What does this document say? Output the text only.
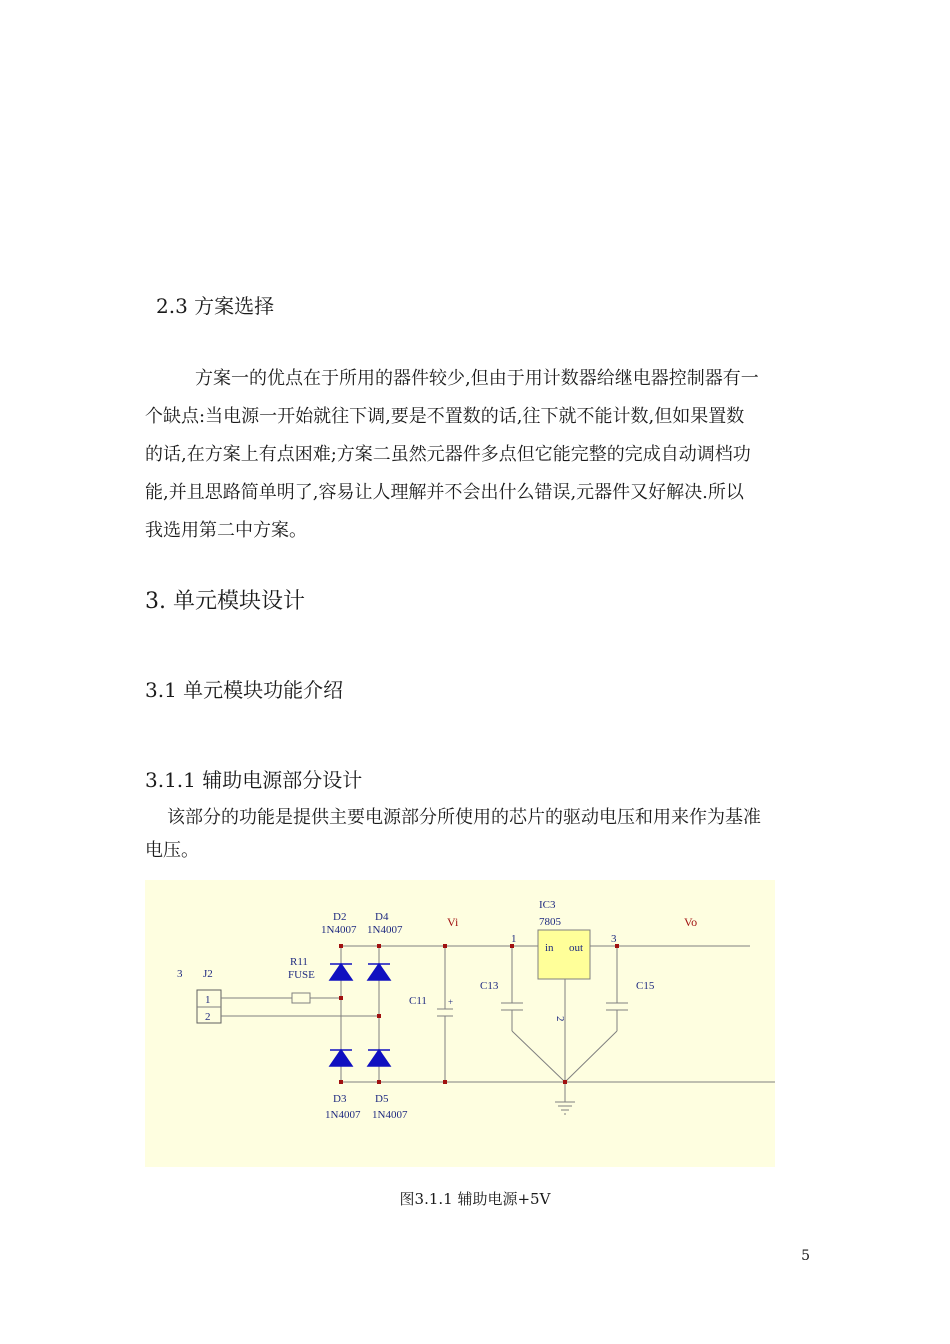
2.3 方案选择

方案一的优点在于所用的器件较少,但由于用计数器给继电器控制器有一

个缺点:当电源一开始就往下调,要是不置数的话,往下就不能计数,但如果置数

的话,在方案上有点困难;方案二虽然元器件多点但它能完整的完成自动调档功

能,并且思路简单明了,容易让人理解并不会出什么错误,元器件又好解决.所以

我选用第二中方案。

3. 单元模块设计
3.1 单元模块功能介绍
3.1.1 辅助电源部分设计

该部分的功能是提供主要电源部分所使用的芯片的驱动电压和用来作为基准

电压。

3 J2
1
2
R11
FUSE
D2
1N4007
D4
1N4007
D3
1N4007
D5
1N4007
C11 +
C13	C15
IC3
7805
in out
1	3
2
Vi	Vo
图3.1.1 辅助电源+5V
5
